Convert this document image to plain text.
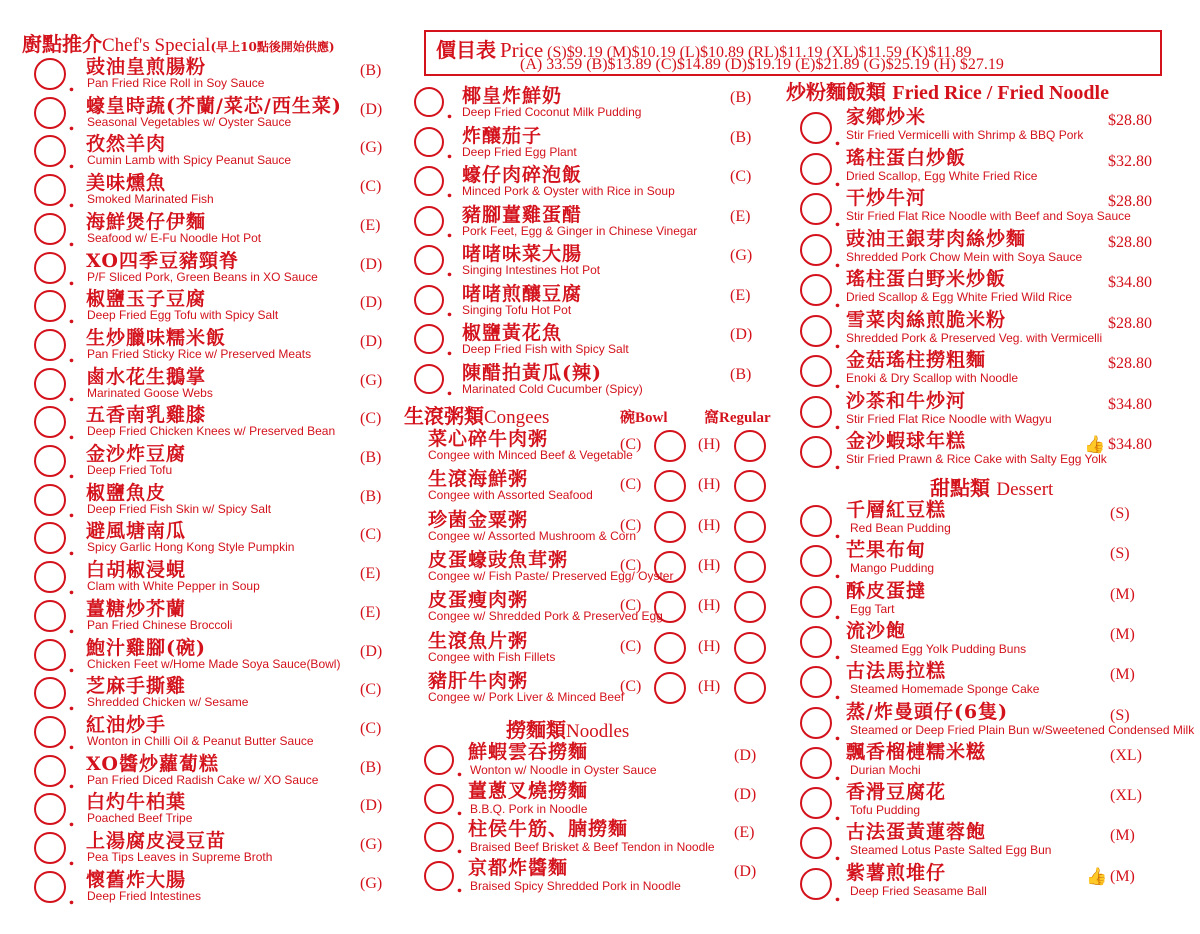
廚點推介Chef's Special(早上10點後開始供應)	價目表 Price (S)$9.19 (M)$10.19 (L)$10.89 (RL)$11.19 (XL)$11.59 (K)$11.89
(A) 33.59 (B)$13.89 (C)$14.89 (D)$19.19 (E)$21.89 (G)$25.19 (H) $27.19
.
豉油皇煎腸粉
Pan Fried Rice Roll in Soy Sauce
(B)
.
蠔皇時蔬(芥蘭/菜芯/西生菜)
Seasonal Vegetables w/ Oyster Sauce
(D)
.
孜然羊肉
Cumin Lamb with Spicy Peanut Sauce
(G)
.
美味燻魚
Smoked Marinated Fish
(C)
.
海鮮煲仔伊麵
Seafood w/ E-Fu Noodle Hot Pot
(E)
.
XO四季豆豬頸脊
P/F Sliced Pork, Green Beans in XO Sauce
(D)
.
椒鹽玉子豆腐
Deep Fried Egg Tofu with Spicy Salt
(D)
.
生炒臘味糯米飯
Pan Fried Sticky Rice w/ Preserved Meats
(D)
.
鹵水花生鵝掌
Marinated Goose Webs
(G)
.
五香南乳雞膝
Deep Fried Chicken Knees w/ Preserved Bean
(C)
.
金沙炸豆腐
Deep Fried Tofu
(B)
.
椒鹽魚皮
Deep Fried Fish Skin w/ Spicy Salt
(B)
.
避風塘南瓜
Spicy Garlic Hong Kong Style Pumpkin
(C)
.
白胡椒浸蜆
Clam with White Pepper in Soup
(E)
.
薑糖炒芥蘭
Pan Fried Chinese Broccoli
(E)
.
鮑汁雞腳(碗)
Chicken Feet w/Home Made Soya Sauce(Bowl)
(D)
.
芝麻手撕雞
Shredded Chicken w/ Sesame
(C)
.
紅油炒手
Wonton in Chilli Oil & Peanut Butter Sauce
(C)
.
XO醬炒蘿蔔糕
Pan Fried Diced Radish Cake w/ XO Sauce
(B)
.
白灼牛柏葉
Poached Beef Tripe
(D)
.
上湯腐皮浸豆苗
Pea Tips Leaves in Supreme Broth
(G)
.
懷舊炸大腸
Deep Fried Intestines
(G)
.
椰皇炸鮮奶
Deep Fried Coconut Milk Pudding
(B)
.
炸釀茄子
Deep Fried Egg Plant
(B)
.
蠔仔肉碎泡飯
Minced Pork & Oyster with Rice in Soup
(C)
.
豬腳薑雞蛋醋
Pork Feet, Egg & Ginger in Chinese Vinegar
(E)
.
啫啫味菜大腸
Singing Intestines Hot Pot
(G)
.
啫啫煎釀豆腐
Singing Tofu Hot Pot
(E)
.
椒鹽黃花魚
Deep Fried Fish with Spicy Salt
(D)
.
陳醋拍黃瓜(辣)
Marinated Cold Cucumber (Spicy)
(B)
生滾粥類Congees	碗Bowl 窩Regular
菜心碎牛肉粥
Congee with Minced Beef & Vegetable
(C)	(H)
生滾海鮮粥
Congee with Assorted Seafood
(C)	(H)
珍菌金粟粥
Congee w/ Assorted Mushroom & Corn
(C)	(H)
皮蛋蠔豉魚茸粥
Congee w/ Fish Paste/ Preserved Egg/ Oyster
(C)	(H)
皮蛋瘦肉粥
Congee w/ Shredded Pork & Preserved Egg
(C)	(H)
生滾魚片粥
Congee with Fish Fillets
(C)	(H)
豬肝牛肉粥
Congee w/ Pork Liver & Minced Beef
(C)	(H)
撈麵類Noodles
.
鮮蝦雲吞撈麵
Wonton w/ Noodle in Oyster Sauce
(D)
.
薑蔥叉燒撈麵
B.B.Q. Pork in Noodle
(D)
.
柱侯牛筋、腩撈麵
Braised Beef Brisket & Beef Tendon in Noodle
(E)
.
京都炸醬麵
Braised Spicy Shredded Pork in Noodle
(D)
炒粉麵飯類 Fried Rice / Fried Noodle
.
家鄉炒米
Stir Fried Vermicelli with Shrimp & BBQ Pork
$28.80
.
瑤柱蛋白炒飯
Dried Scallop, Egg White Fried Rice
$32.80
.
干炒牛河
Stir Fried Flat Rice Noodle with Beef and Soya Sauce
$28.80
.
豉油王銀芽肉絲炒麵
Shredded Pork Chow Mein with Soya Sauce
$28.80
.
瑤柱蛋白野米炒飯
Dried Scallop & Egg White Fried Wild Rice
$34.80
.
雪菜肉絲煎脆米粉
Shredded Pork & Preserved Veg. with Vermicelli
$28.80
.
金菇瑤柱撈粗麵
Enoki & Dry Scallop with Noodle
$28.80
.
沙茶和牛炒河
Stir Fried Flat Rice Noodle with Wagyu
$34.80
.
金沙蝦球年糕
Stir Fried Prawn & Rice Cake with Salty Egg Yolk
$34.80
👍
甜點類 Dessert
.
千層紅豆糕
Red Bean Pudding
(S)
.
芒果布甸
Mango Pudding
(S)
.
酥皮蛋撻
Egg Tart
(M)
.
流沙飽
Steamed Egg Yolk Pudding Buns
(M)
.
古法馬拉糕
Steamed Homemade Sponge Cake
(M)
.
蒸/炸曼頭仔(6隻)
Steamed or Deep Fried Plain Bun w/Sweetened Condensed Milk
(S)
.
飄香榴槤糯米糍
Durian Mochi
(XL)
.
香滑豆腐花
Tofu Pudding
(XL)
.
古法蛋黃蓮蓉飽
Steamed Lotus Paste Salted Egg Bun
(M)
.
紫薯煎堆仔
Deep Fried Seasame Ball
(M)
👍
